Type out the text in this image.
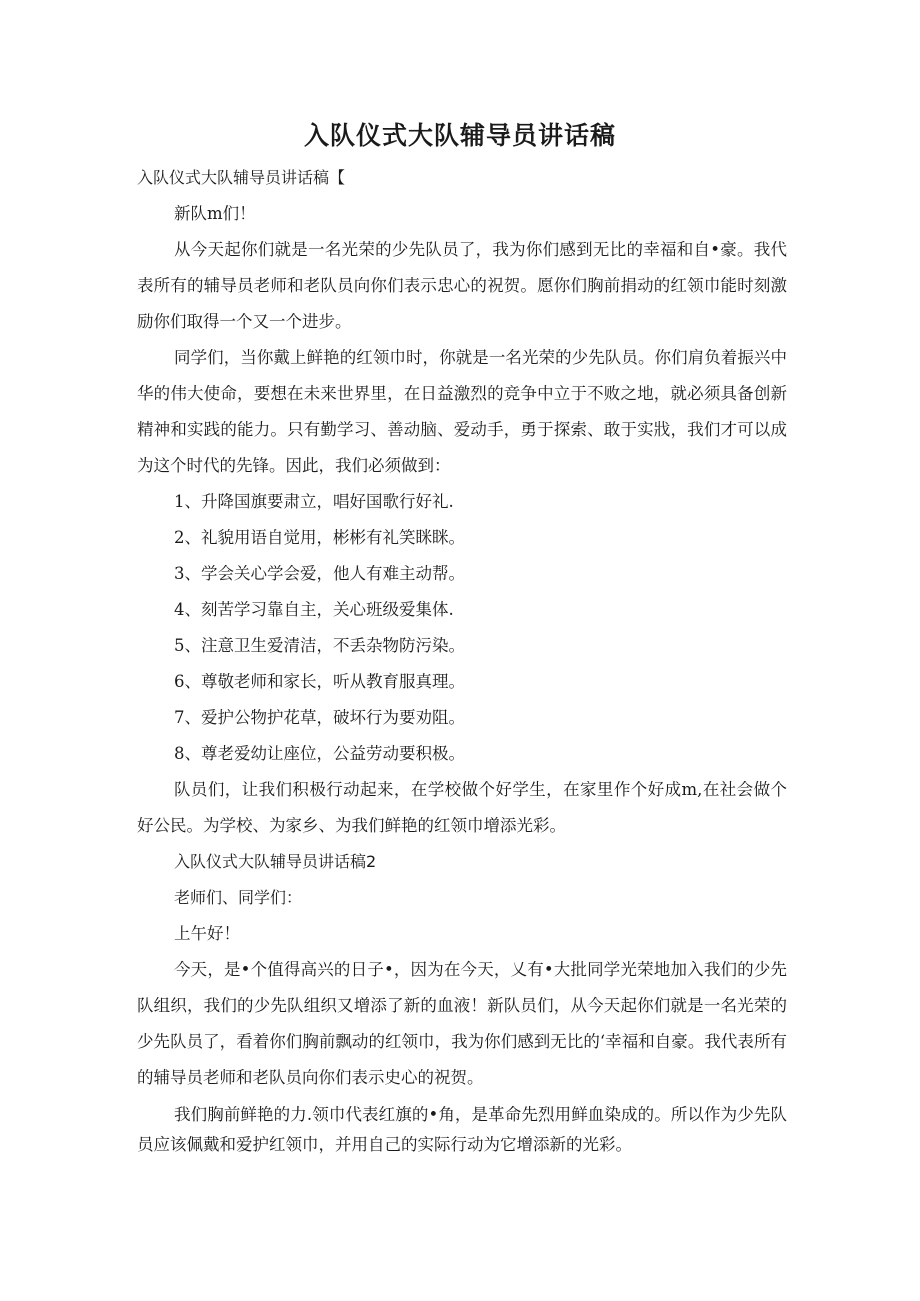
入队仪式大队辅导员讲话稿

入队仪式大队辅导员讲话稿【

新队m们！

从今天起你们就是一名光荣的少先队员了，我为你们感到无比的幸福和自•豪。我代表所有的辅导员老师和老队员向你们表示忠心的祝贺。愿你们胸前捐动的红领巾能时刻激励你们取得一个又一个进步。

同学们，当你戴上鲜艳的红领巾时，你就是一名光荣的少先队员。你们肩负着振兴中华的伟大使命，要想在未来世界里，在日益激烈的竞争中立于不败之地，就必须具备创新精神和实践的能力。只有勤学习、善动脑、爱动手，勇于探索、敢于实戕，我们才可以成为这个时代的先锋。因此，我们必须做到：

1、升降国旗要肃立，唱好国歌行好礼.

2、礼貌用语自觉用，彬彬有礼笑眯眯。

3、学会关心学会爱，他人有难主动帮。

4、刻苦学习靠自主，关心班级爱集体.

5、注意卫生爱清洁，不丢杂物防污染。

6、尊敬老师和家长，听从教育服真理。

7、爱护公物护花草，破坏行为要劝阻。

8、尊老爱幼让座位，公益劳动要积极。

队员们，让我们积极行动起来，在学校做个好学生，在家里作个好成m,在社会做个好公民。为学校、为家乡、为我们鲜艳的红领巾增添光彩。

入队仪式大队辅导员讲话稿2

老师们、同学们：

上午好！

今天，是•个值得高兴的日子•，因为在今天，乂有•大批同学光荣地加入我们的少先队组织，我们的少先队组织又增添了新的血液！新队员们，从今天起你们就是一名光荣的少先队员了，看着你们胸前飘动的红领巾，我为你们感到无比的‘幸福和自豪。我代表所有的辅导员老师和老队员向你们表示史心的祝贺。

我们胸前鲜艳的力.领巾代表红旗的•角，是革命先烈用鲜血染成的。所以作为少先队员应该佩戴和爱护红领巾，并用自己的实际行动为它增添新的光彩。
